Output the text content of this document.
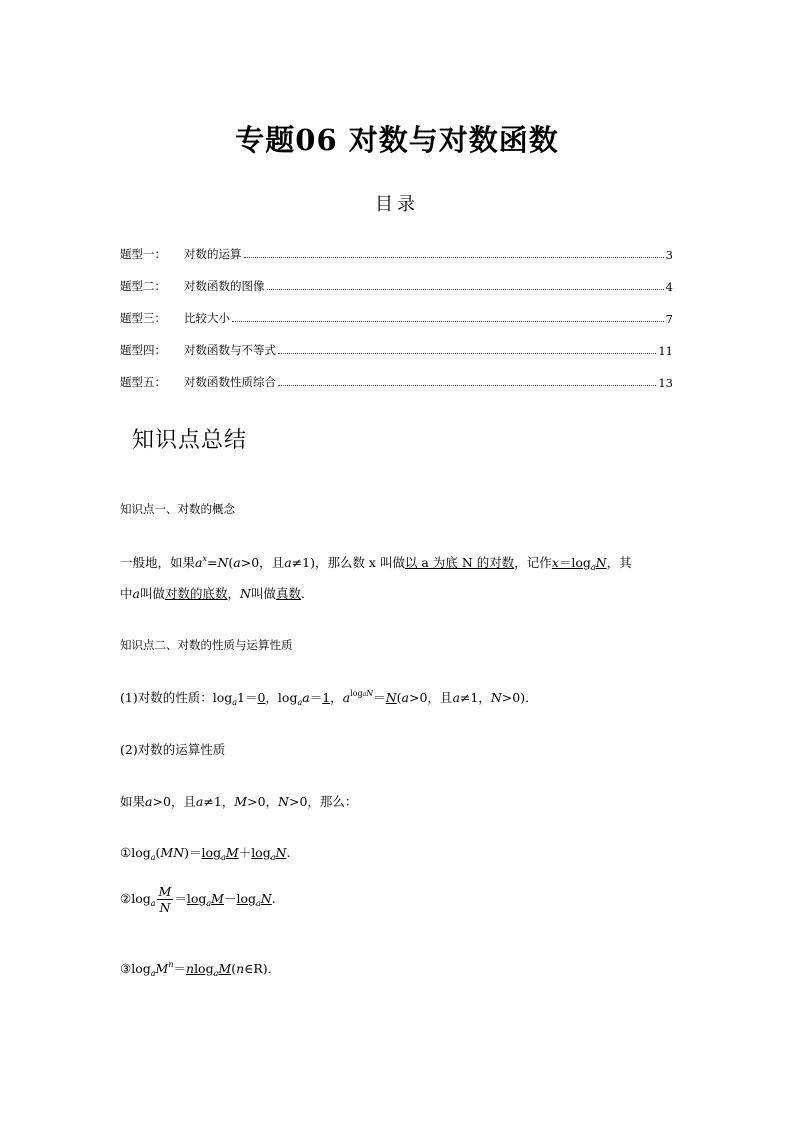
专题06 对数与对数函数
目录
题型一：	对数的运算	3
题型二：	对数函数的图像	4
题型三：	比较大小	7
题型四：	对数函数与不等式	11
题型五：	对数函数性质综合	13
知识点总结
知识点一、对数的概念
一般地，如果$a^x=N(a>0$，且a≠1)，那么数 x 叫做以 a 为底 N 的对数，记作$x=\log_aN$，其
中a叫做对数的底数，N叫做真数．
知识点二、对数的性质与运算性质
(1)对数的性质：$\log_a1=0$，$\log_aa=1$，$a^{logaN}=N(a>0$，且a≠1，N>0)．
(2)对数的运算性质
如果a>0，且a≠1，M>0，N>0，那么：
$①\log_a(MN)=\log_aM+\log_aN$.
$②\log_a \frac{M}{N} =\log_aM-\log_aN$.
$③\log_aM^n=nlog_aM(n\in R)$．
